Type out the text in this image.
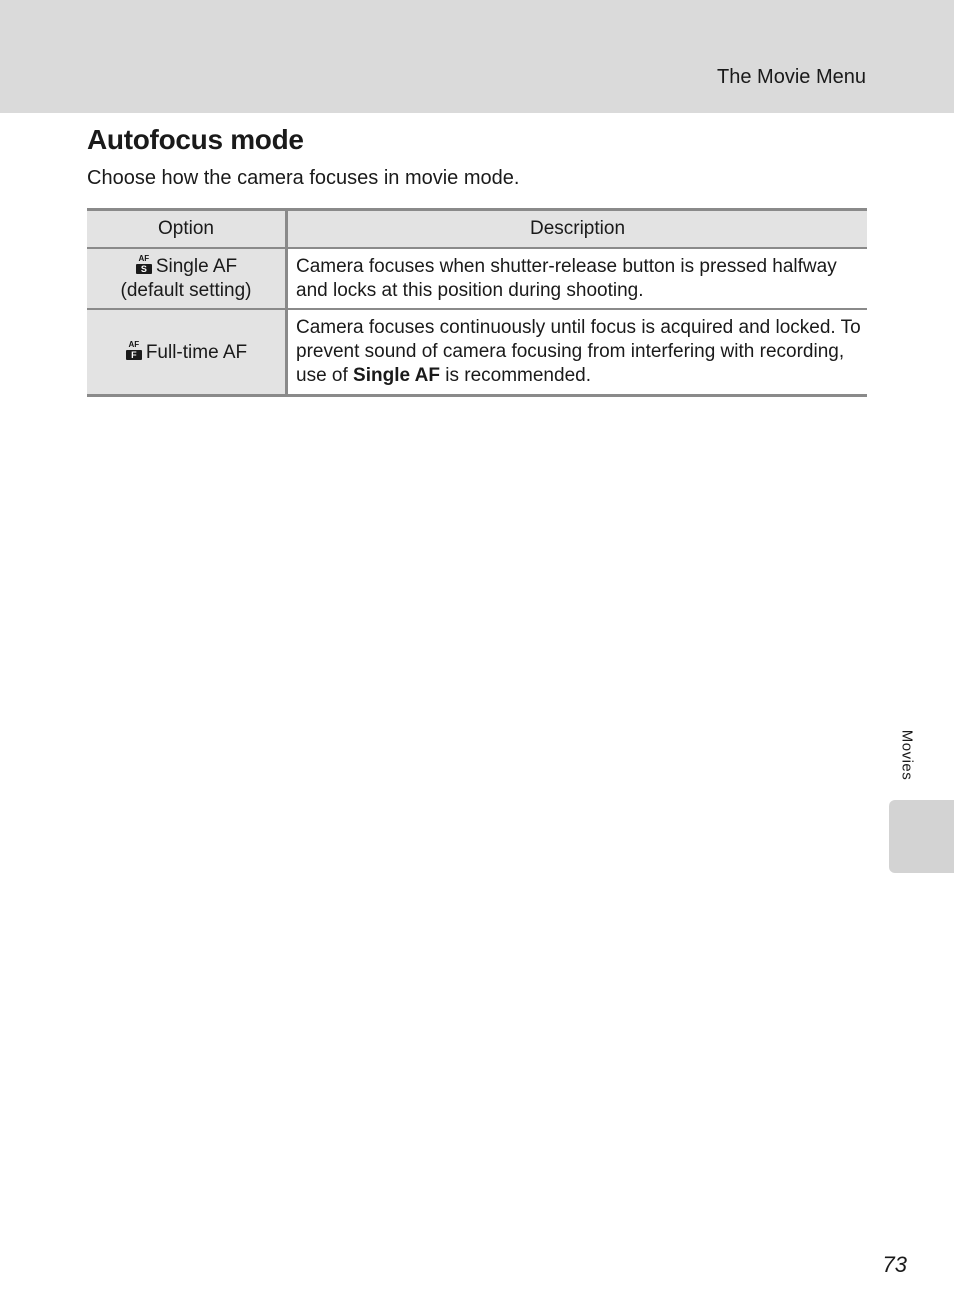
The Movie Menu
Autofocus mode

Choose how the camera focuses in movie mode.

Option	Description

AF
S Single AF
(default setting)	Camera focuses when shutter-release button is pressed halfway and locks at this position during shooting.

AF
F Full-time AF	Camera focuses continuously until focus is acquired and locked. To prevent sound of camera focusing from interfering with recording, use of Single AF is recommended.
Movies
73
